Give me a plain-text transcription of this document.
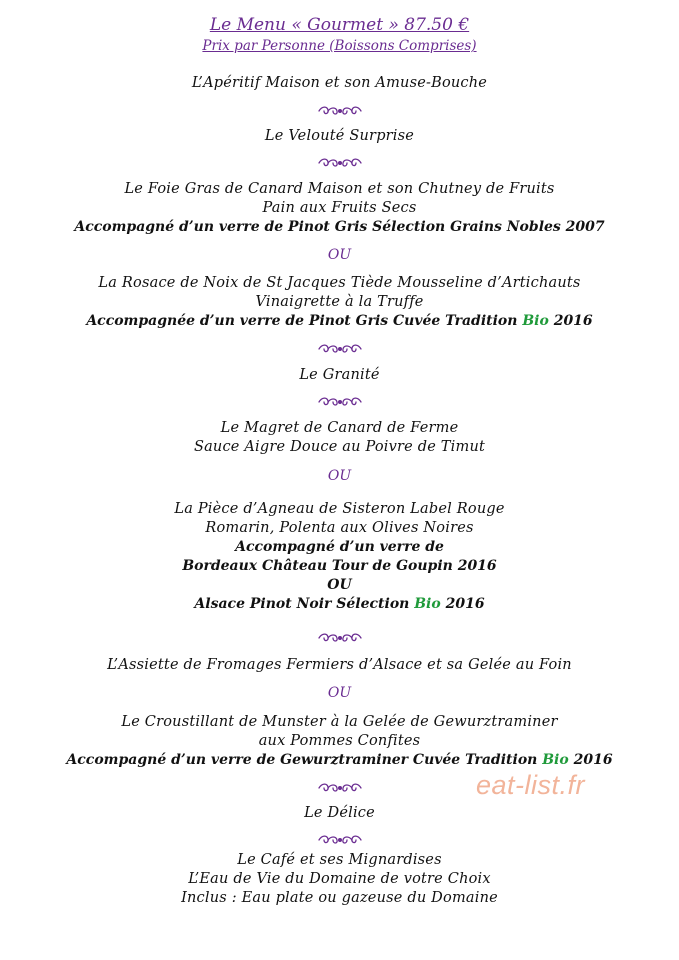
Le Menu « Gourmet » 87.50 €
Prix par Personne (Boissons Comprises)
L’Apéritif Maison et son Amuse-Bouche
Le Velouté Surprise
Le Foie Gras de Canard Maison et son Chutney de Fruits
Pain aux Fruits Secs
Accompagné d’un verre de Pinot Gris Sélection Grains Nobles 2007
OU
La Rosace de Noix de St Jacques Tiède Mousseline d’Artichauts
Vinaigrette à la Truffe
Accompagnée d’un verre de Pinot Gris Cuvée Tradition Bio 2016
Le Granité
Le Magret de Canard de Ferme
Sauce Aigre Douce au Poivre de Timut
OU
La Pièce d’Agneau de Sisteron Label Rouge
Romarin, Polenta aux Olives Noires
Accompagné d’un verre de
Bordeaux Château Tour de Goupin 2016
OU
Alsace Pinot Noir Sélection Bio 2016
L’Assiette de Fromages Fermiers d’Alsace et sa Gelée au Foin
OU
Le Croustillant de Munster à la Gelée de Gewurztraminer
aux Pommes Confites
Accompagné d’un verre de Gewurztraminer Cuvée Tradition Bio 2016
Le Délice
Le Café et ses Mignardises
L’Eau de Vie du Domaine de votre Choix
Inclus : Eau plate ou gazeuse du Domaine
eat-list.fr
